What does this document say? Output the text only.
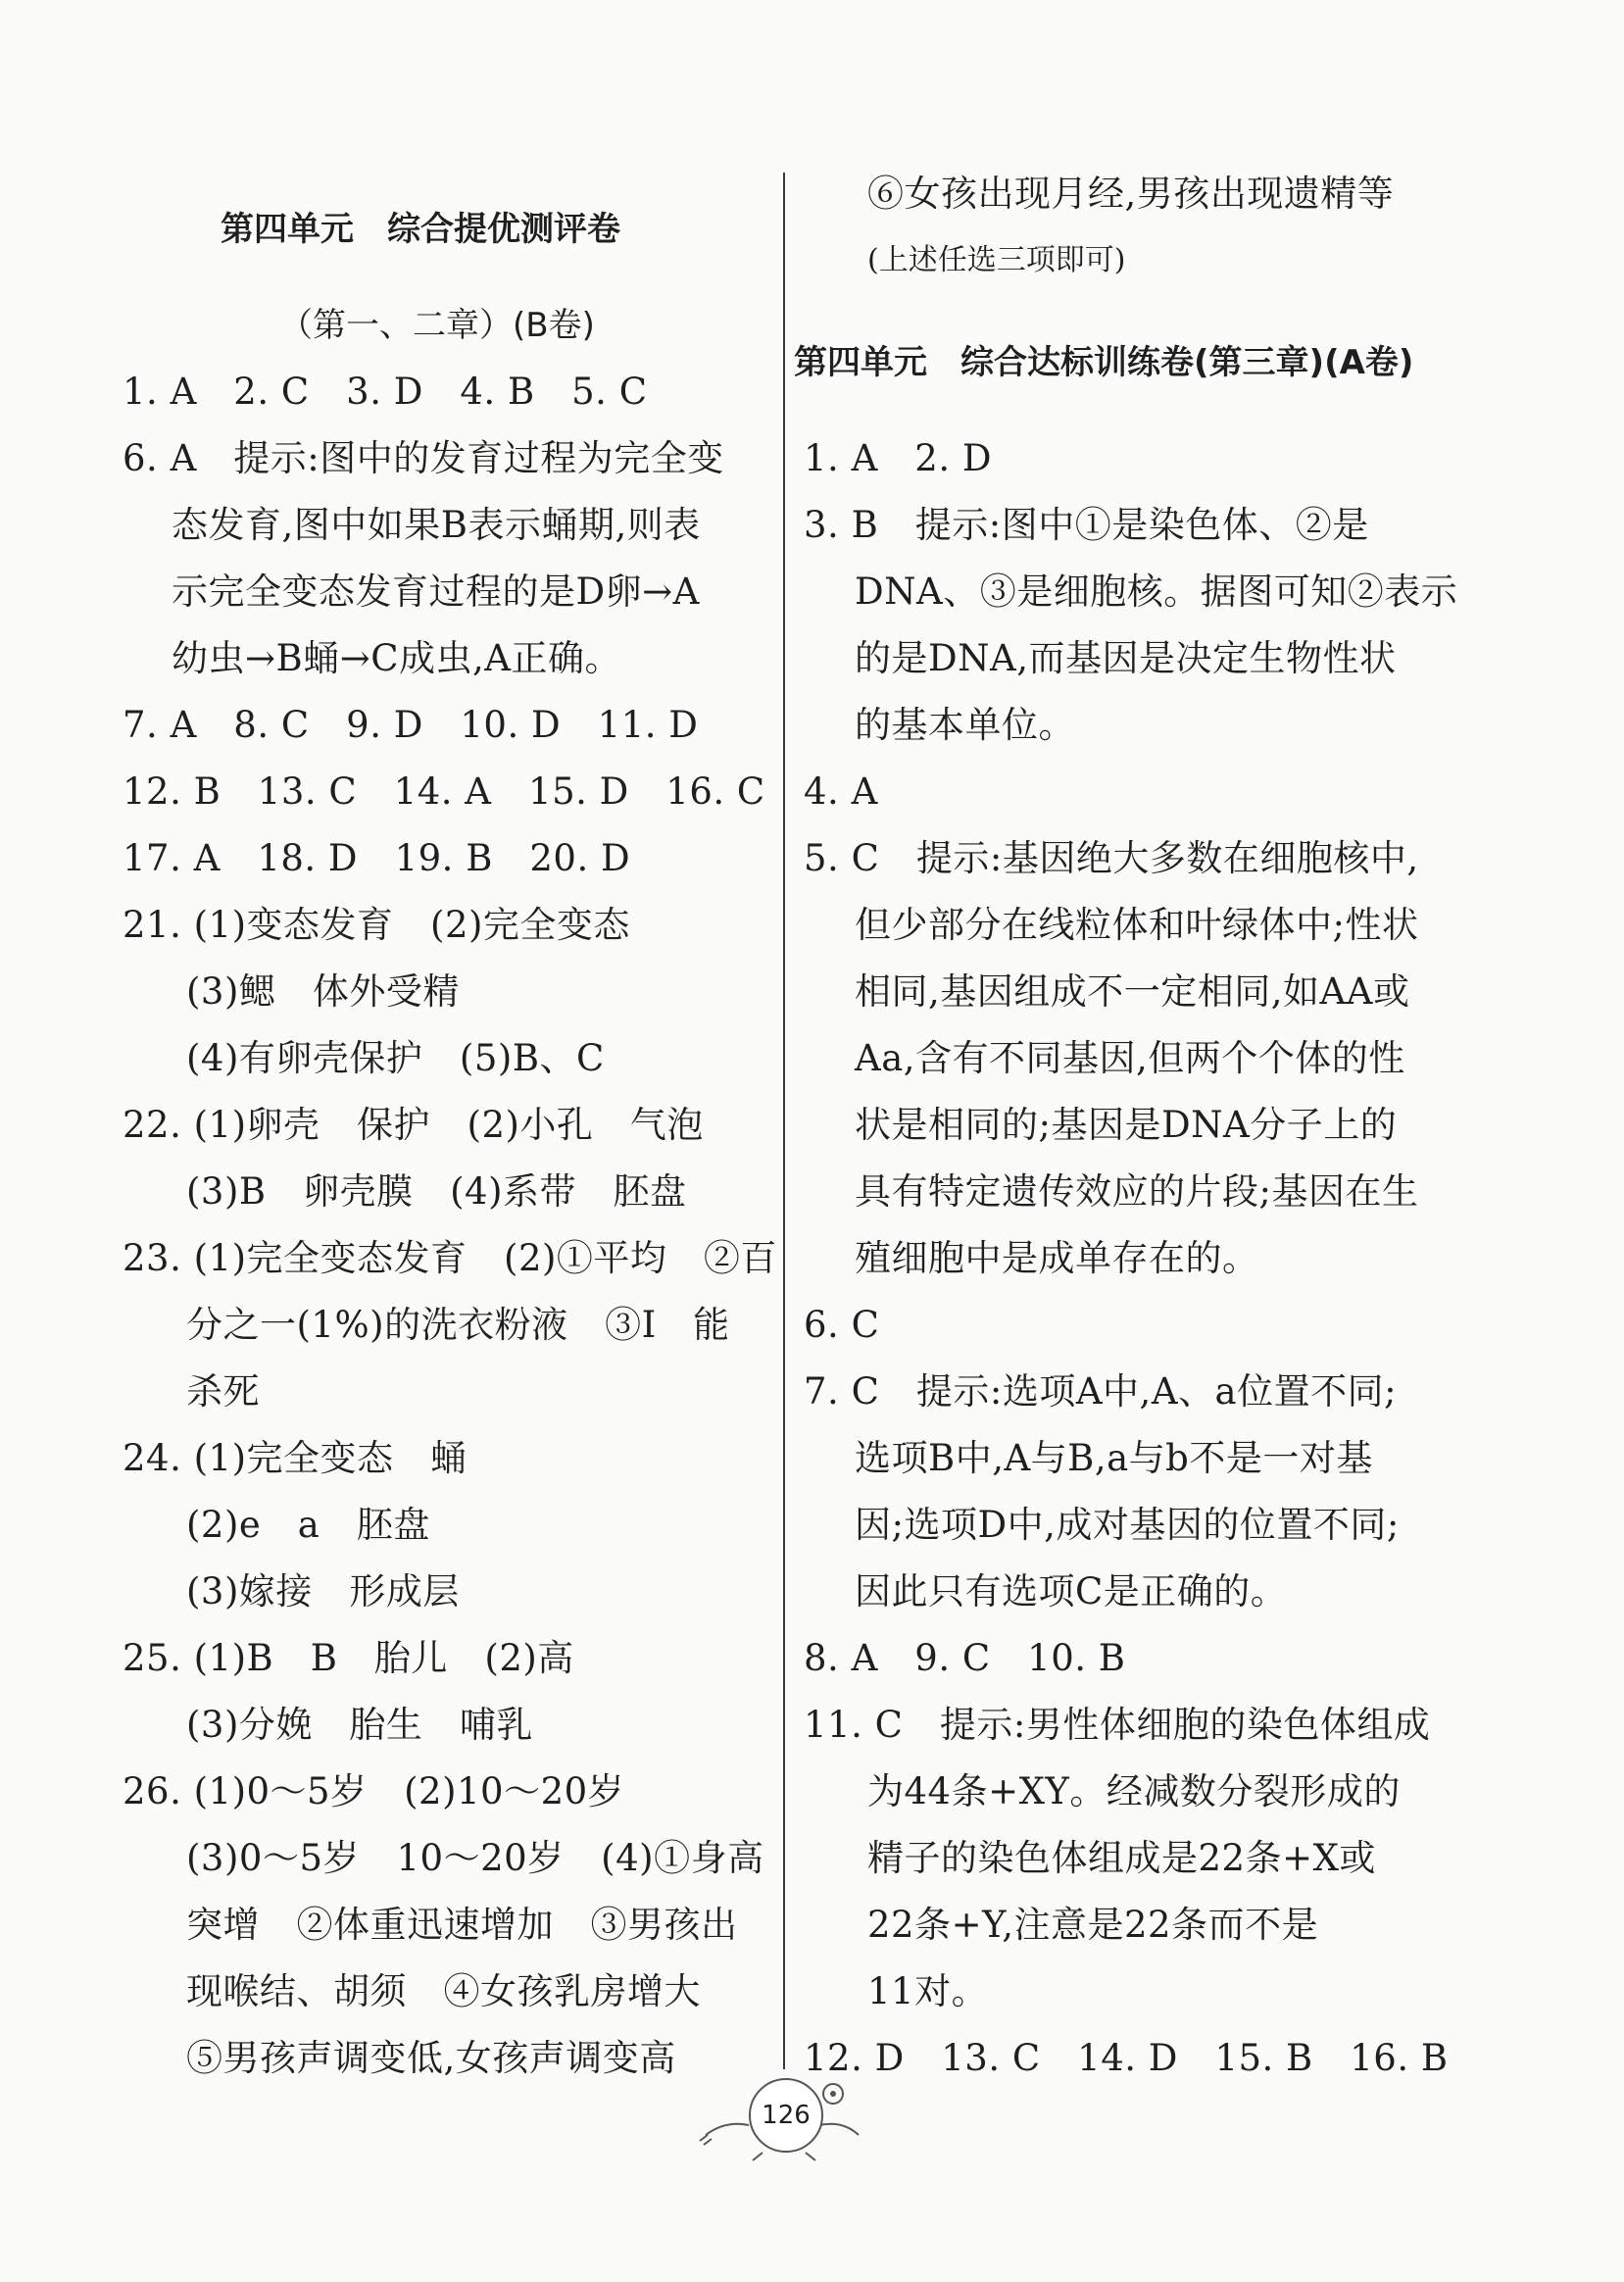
第四单元　综合提优测评卷
（第一、二章）(B卷)
1. A　2. C　3. D　4. B　5. C
6. A　提示:图中的发育过程为完全变
态发育,图中如果B表示蛹期,则表
示完全变态发育过程的是D卵→A
幼虫→B蛹→C成虫,A正确。
7. A　8. C　9. D　10. D　11. D
12. B　13. C　14. A　15. D　16. C
17. A　18. D　19. B　20. D
21. (1)变态发育　(2)完全变态
(3)鳃　体外受精
(4)有卵壳保护　(5)B、C
22. (1)卵壳　保护　(2)小孔　气泡
(3)B　卵壳膜　(4)系带　胚盘
23. (1)完全变态发育　(2)①平均　②百
分之一(1%)的洗衣粉液　③Ⅰ　能
杀死
24. (1)完全变态　蛹
(2)e　a　胚盘
(3)嫁接　形成层
25. (1)B　B　胎儿　(2)高
(3)分娩　胎生　哺乳
26. (1)0～5岁　(2)10～20岁
(3)0～5岁　10～20岁　(4)①身高
突增　②体重迅速增加　③男孩出
现喉结、胡须　④女孩乳房增大
⑤男孩声调变低,女孩声调变高
⑥女孩出现月经,男孩出现遗精等
(上述任选三项即可)
第四单元　综合达标训练卷(第三章)(A卷)
1. A　2. D
3. B　提示:图中①是染色体、②是
DNA、③是细胞核。据图可知②表示
的是DNA,而基因是决定生物性状
的基本单位。
4. A
5. C　提示:基因绝大多数在细胞核中,
但少部分在线粒体和叶绿体中;性状
相同,基因组成不一定相同,如AA或
Aa,含有不同基因,但两个个体的性
状是相同的;基因是DNA分子上的
具有特定遗传效应的片段;基因在生
殖细胞中是成单存在的。
6. C
7. C　提示:选项A中,A、a位置不同;
选项B中,A与B,a与b不是一对基
因;选项D中,成对基因的位置不同;
因此只有选项C是正确的。
8. A　9. C　10. B
11. C　提示:男性体细胞的染色体组成
为44条+XY。经减数分裂形成的
精子的染色体组成是22条+X或
22条+Y,注意是22条而不是
11对。
12. D　13. C　14. D　15. B　16. B
126
